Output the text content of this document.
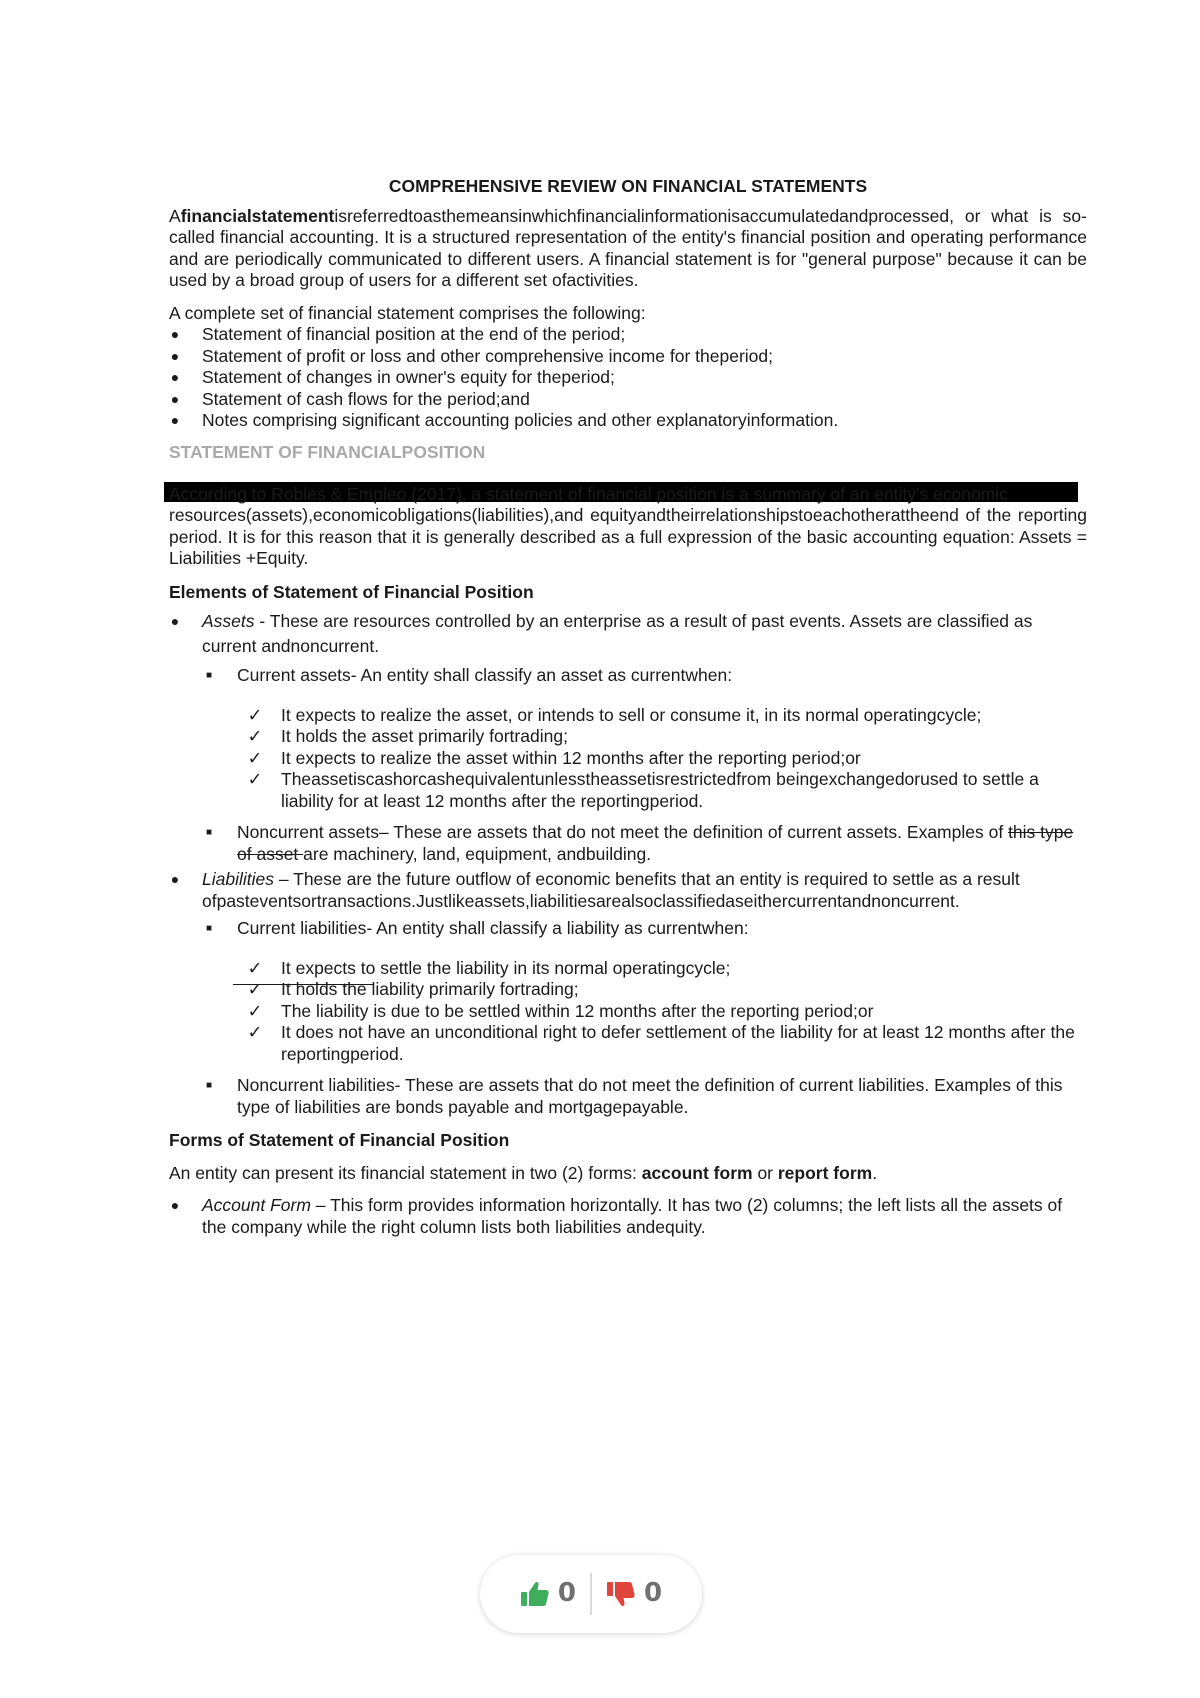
COMPREHENSIVE REVIEW ON FINANCIAL STATEMENTS

Afinancialstatementisreferredtoasthemeansinwhichfinancialinformationisaccumulatedandprocessed, or what is so-called financial accounting. It is a structured representation of the entity's financial position and operating performance and are periodically communicated to different users. A financial statement is for "general purpose" because it can be used by a broad group of users for a different set ofactivities.

A complete set of financial statement comprises the following:

● Statement of financial position at the end of the period;
● Statement of profit or loss and other comprehensive income for theperiod;
● Statement of changes in owner's equity for theperiod;
● Statement of cash flows for the period;and
● Notes comprising significant accounting policies and other explanatoryinformation.

STATEMENT OF FINANCIALPOSITION

According to Robles & Empleo (2017), a statement of financial position is a summary of an entity's economic

resources(assets),economicobligations(liabilities),and equityandtheirrelationshipstoeachotherattheend of the reporting period. It is for this reason that it is generally described as a full expression of the basic accounting equation: Assets = Liabilities +Equity.

Elements of Statement of Financial Position

● Assets - These are resources controlled by an enterprise as a result of past events. Assets are classified as current andnoncurrent.
■ Current assets- An entity shall classify an asset as currentwhen:
✓ It expects to realize the asset, or intends to sell or consume it, in its normal operatingcycle;
✓ It holds the asset primarily fortrading;
✓ It expects to realize the asset within 12 months after the reporting period;or
✓ Theassetiscashorcashequivalentunlesstheassetisrestrictedfrom beingexchangedorused to settle a liability for at least 12 months after the reportingperiod.
■ Noncurrent assets– These are assets that do not meet the definition of current assets. Examples of this type of asset are machinery, land, equipment, andbuilding.
● Liabilities – These are the future outflow of economic benefits that an entity is required to settle as a result ofpasteventsortransactions.Justlikeassets,liabilitiesarealsoclassifiedaseithercurrentandnoncurrent.
■ Current liabilities- An entity shall classify a liability as currentwhen:
✓ It expects to settle the liability in its normal operatingcycle;
✓ It holds the liability primarily fortrading;
✓ The liability is due to be settled within 12 months after the reporting period;or
✓ It does not have an unconditional right to defer settlement of the liability for at least 12 months after the reportingperiod.
■ Noncurrent liabilities- These are assets that do not meet the definition of current liabilities. Examples of this type of liabilities are bonds payable and mortgagepayable.

Forms of Statement of Financial Position

An entity can present its financial statement in two (2) forms: account form or report form.

● Account Form – This form provides information horizontally. It has two (2) columns; the left lists all the assets of the company while the right column lists both liabilities andequity.
0	0
